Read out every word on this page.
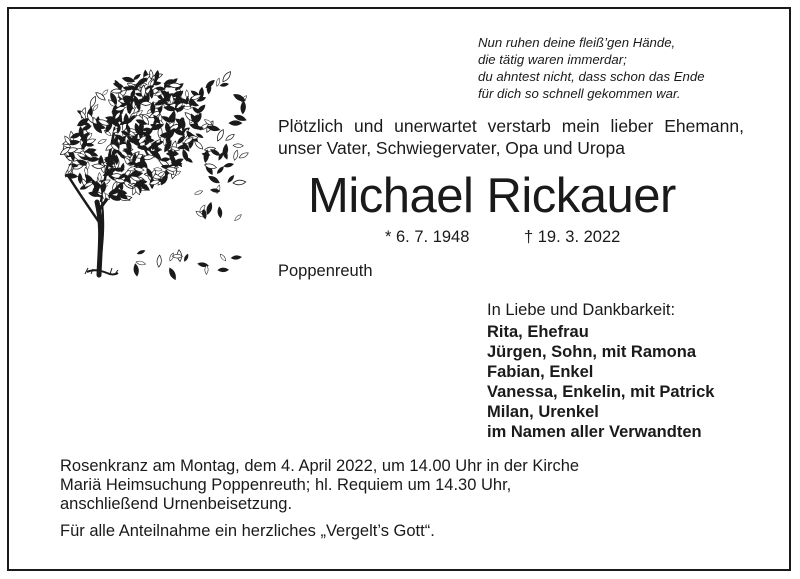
Nun ruhen deine fleiß’gen Hände,
die tätig waren immerdar;
du ahntest nicht, dass schon das Ende
für dich so schnell gekommen war.
Plötzlich und unerwartet verstarb mein lieber Ehemann,
unser Vater, Schwiegervater, Opa und Uropa
Michael Rickauer
* 6. 7. 1948	† 19. 3. 2022
Poppenreuth
In Liebe und Dankbarkeit:
Rita, Ehefrau
Jürgen, Sohn, mit Ramona
Fabian, Enkel
Vanessa, Enkelin, mit Patrick
Milan, Urenkel
im Namen aller Verwandten
Rosenkranz am Montag, dem 4. April 2022, um 14.00 Uhr in der Kirche
Mariä Heimsuchung Poppenreuth; hl. Requiem um 14.30 Uhr,
anschließend Urnenbeisetzung.
Für alle Anteilnahme ein herzliches „Vergelt’s Gott“.
